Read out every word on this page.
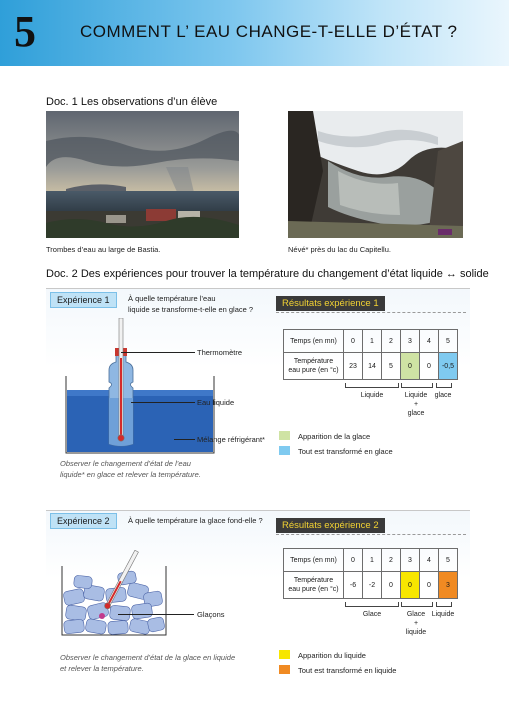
5	COMMENT L’ EAU CHANGE-T-ELLE D’ÉTAT ?
Doc. 1 Les observations d’un élève
Trombes d’eau au large de Bastia.	Névé* près du lac du Capitellu.
Doc. 2 Des expériences pour trouver la température du changement d’état liquide ↔ solide
Expérience 1	À quelle température l’eau
liquide se transforme-t-elle en glace ?
Thermomètre
Eau liquide
Mélange réfrigérant*
Observer le changement d’état de l’eau
liquide* en glace et relever la température.
Résultats expérience 1
Temps (en mn)	0	1	2	3	4	5

Température
eau pure (en °c)	23	14	5	0	0	-0,5
Liquide	Liquide
+
glace
glace
Apparition de la glace
Tout est transformé en glace
Expérience 2	À quelle température la glace fond-elle ?
Glaçons
Observer le changement d’état de la glace en liquide
et relever la température.
Résultats expérience 2
Temps (en mn)	0	1	2	3	4	5

Température
eau pure (en °c)	-6	-2	0	0	0	3
Glace	Glace
+
liquide
Liquide
Apparition du liquide
Tout est transformé en liquide
